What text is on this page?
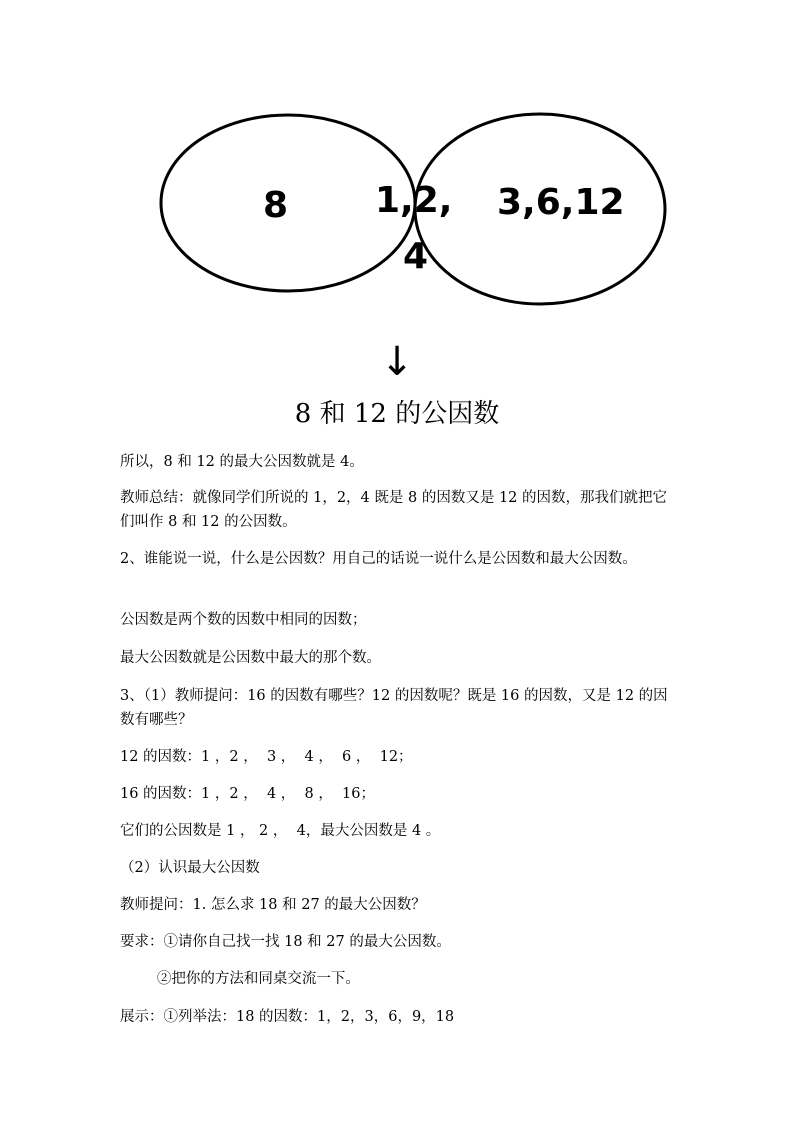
8 1,2,
4
3,6,12
↓
8 和 12 的公因数
所以，8 和 12 的最大公因数就是 4。
教师总结：就像同学们所说的 1，2，4 既是 8 的因数又是 12 的因数，那我们就把它们叫作 8 和 12 的公因数。
2、谁能说一说，什么是公因数？用自己的话说一说什么是公因数和最大公因数。
公因数是两个数的因数中相同的因数；
最大公因数就是公因数中最大的那个数。
3、（1）教师提问：16 的因数有哪些？12 的因数呢？既是 16 的因数，又是 12 的因数有哪些？
12 的因数：1 ，2 ，  3 ，  4 ，  6 ，  12；
16 的因数：1 ，2 ，  4 ，  8 ，  16；
它们的公因数是 1 ， 2 ，  4，最大公因数是 4 。
（2）认识最大公因数
教师提问：1. 怎么求 18 和 27 的最大公因数？
要求：①请你自己找一找 18 和 27 的最大公因数。
②把你的方法和同桌交流一下。
展示：①列举法：18 的因数：1，2，3，6，9，18
